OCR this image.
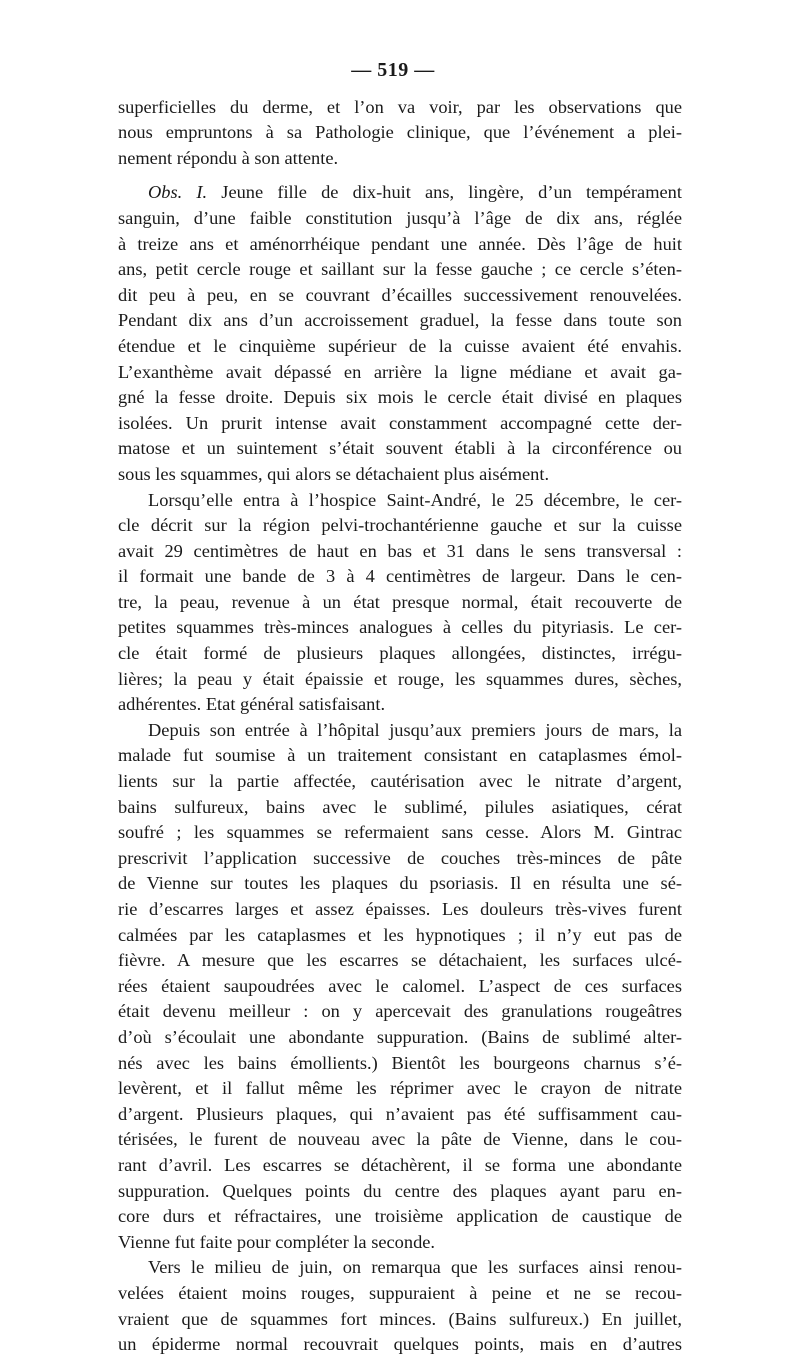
— 519 —
superficielles du derme, et l’on va voir, par les observations que
nous empruntons à sa Pathologie clinique, que l’événement a plei-
nement répondu à son attente.
Obs. I. Jeune fille de dix-huit ans, lingère, d’un tempérament
sanguin, d’une faible constitution jusqu’à l’âge de dix ans, réglée
à treize ans et aménorrhéique pendant une année. Dès l’âge de huit
ans, petit cercle rouge et saillant sur la fesse gauche ; ce cercle s’éten-
dit peu à peu, en se couvrant d’écailles successivement renouvelées.
Pendant dix ans d’un accroissement graduel, la fesse dans toute son
étendue et le cinquième supérieur de la cuisse avaient été envahis.
L’exanthème avait dépassé en arrière la ligne médiane et avait ga-
gné la fesse droite. Depuis six mois le cercle était divisé en plaques
isolées. Un prurit intense avait constamment accompagné cette der-
matose et un suintement s’était souvent établi à la circonférence ou
sous les squammes, qui alors se détachaient plus aisément.
Lorsqu’elle entra à l’hospice Saint-André, le 25 décembre, le cer-
cle décrit sur la région pelvi-trochantérienne gauche et sur la cuisse
avait 29 centimètres de haut en bas et 31 dans le sens transversal :
il formait une bande de 3 à 4 centimètres de largeur. Dans le cen-
tre, la peau, revenue à un état presque normal, était recouverte de
petites squammes très-minces analogues à celles du pityriasis. Le cer-
cle était formé de plusieurs plaques allongées, distinctes, irrégu-
lières; la peau y était épaissie et rouge, les squammes dures, sèches,
adhérentes. Etat général satisfaisant.
Depuis son entrée à l’hôpital jusqu’aux premiers jours de mars, la
malade fut soumise à un traitement consistant en cataplasmes émol-
lients sur la partie affectée, cautérisation avec le nitrate d’argent,
bains sulfureux, bains avec le sublimé, pilules asiatiques, cérat
soufré ; les squammes se refermaient sans cesse. Alors M. Gintrac
prescrivit l’application successive de couches très-minces de pâte
de Vienne sur toutes les plaques du psoriasis. Il en résulta une sé-
rie d’escarres larges et assez épaisses. Les douleurs très-vives furent
calmées par les cataplasmes et les hypnotiques ; il n’y eut pas de
fièvre. A mesure que les escarres se détachaient, les surfaces ulcé-
rées étaient saupoudrées avec le calomel. L’aspect de ces surfaces
était devenu meilleur : on y apercevait des granulations rougeâtres
d’où s’écoulait une abondante suppuration. (Bains de sublimé alter-
nés avec les bains émollients.) Bientôt les bourgeons charnus s’é-
levèrent, et il fallut même les réprimer avec le crayon de nitrate
d’argent. Plusieurs plaques, qui n’avaient pas été suffisamment cau-
térisées, le furent de nouveau avec la pâte de Vienne, dans le cou-
rant d’avril. Les escarres se détachèrent, il se forma une abondante
suppuration. Quelques points du centre des plaques ayant paru en-
core durs et réfractaires, une troisième application de caustique de
Vienne fut faite pour compléter la seconde.
Vers le milieu de juin, on remarqua que les surfaces ainsi renou-
velées étaient moins rouges, suppuraient à peine et ne se recou-
vraient que de squammes fort minces. (Bains sulfureux.) En juillet,
un épiderme normal recouvrait quelques points, mais en d’autres
